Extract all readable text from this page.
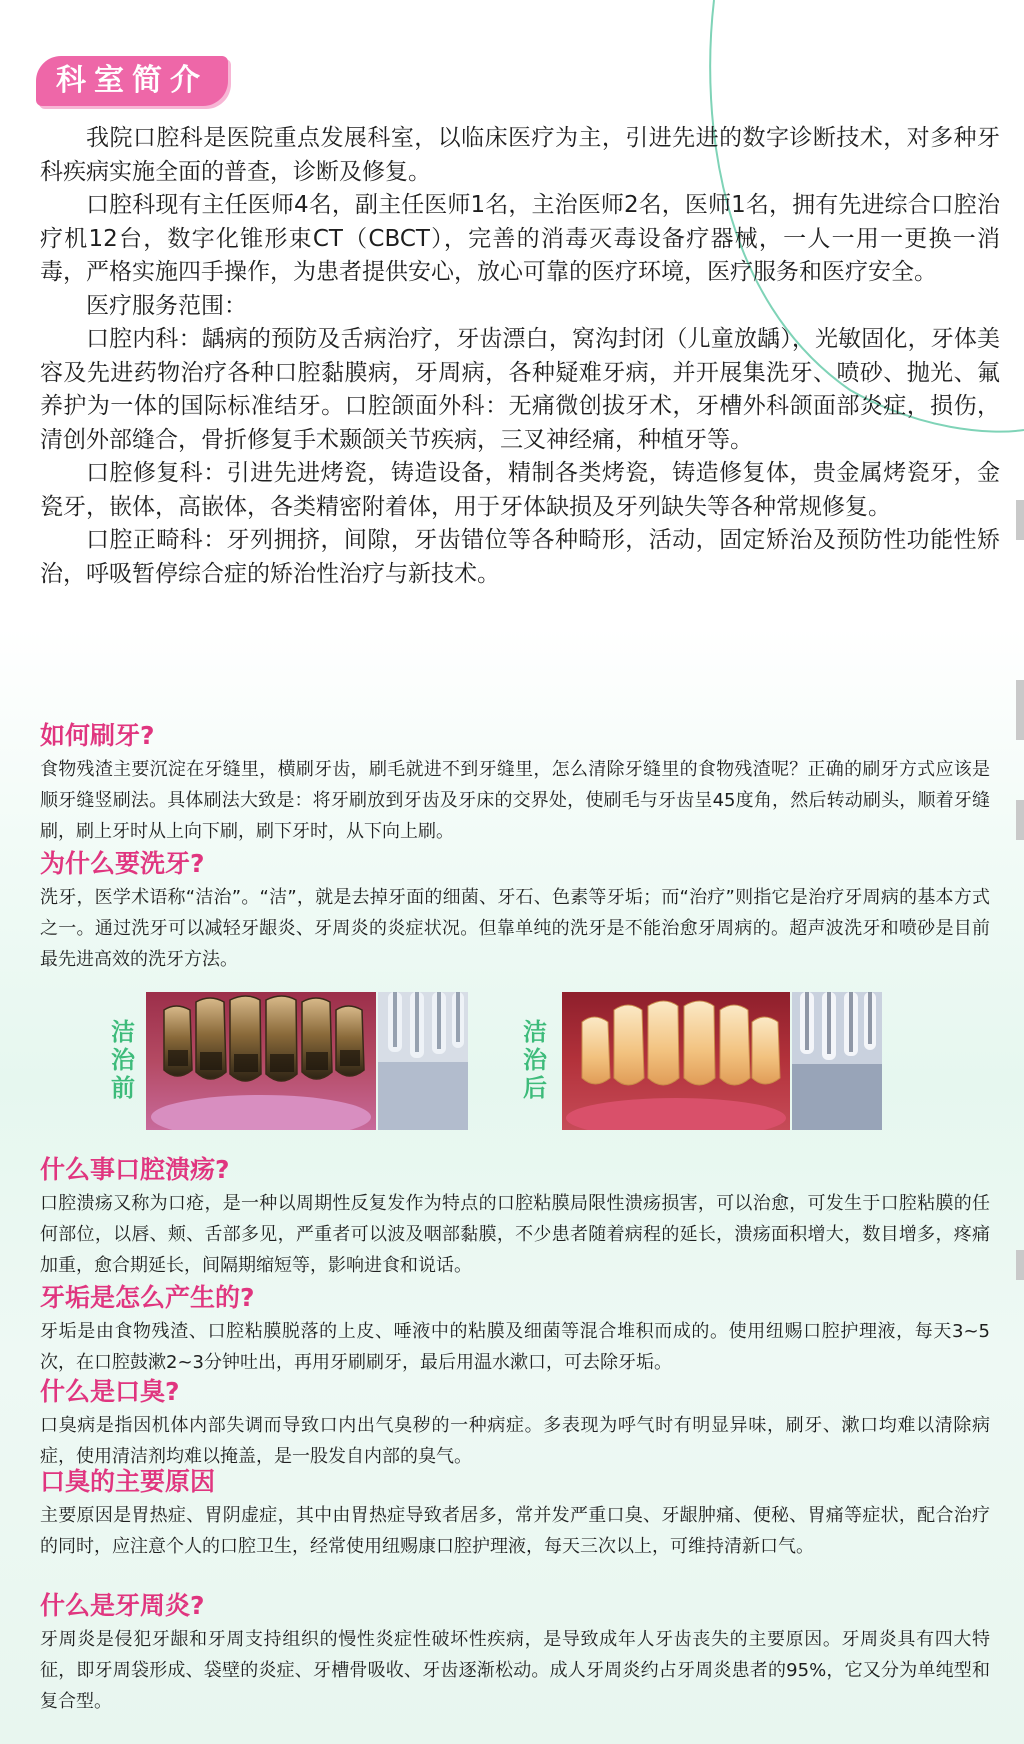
科室简介

我院口腔科是医院重点发展科室，以临床医疗为主，引进先进的数字诊断技术，对多种牙科疾病实施全面的普查，诊断及修复。

口腔科现有主任医师4名，副主任医师1名，主治医师2名，医师1名，拥有先进综合口腔治疗机12台，数字化锥形束CT（CBCT），完善的消毒灭毒设备疗器械，一人一用一更换一消毒，严格实施四手操作，为患者提供安心，放心可靠的医疗环境，医疗服务和医疗安全。

医疗服务范围：

口腔内科：龋病的预防及舌病治疗，牙齿漂白，窝沟封闭（儿童放龋），光敏固化，牙体美容及先进药物治疗各种口腔黏膜病，牙周病，各种疑难牙病，并开展集洗牙、喷砂、抛光、氟养护为一体的国际标准结牙。口腔颌面外科：无痛微创拔牙术，牙槽外科颌面部炎症，损伤，清创外部缝合，骨折修复手术颞颌关节疾病，三叉神经痛，种植牙等。

口腔修复科：引进先进烤瓷，铸造设备，精制各类烤瓷，铸造修复体，贵金属烤瓷牙，金瓷牙，嵌体，高嵌体，各类精密附着体，用于牙体缺损及牙列缺失等各种常规修复。

口腔正畸科：牙列拥挤，间隙，牙齿错位等各种畸形，活动，固定矫治及预防性功能性矫治，呼吸暂停综合症的矫治性治疗与新技术。

如何刷牙?

食物残渣主要沉淀在牙缝里，横刷牙齿，刷毛就进不到牙缝里，怎么清除牙缝里的食物残渣呢？正确的刷牙方式应该是顺牙缝竖刷法。具体刷法大致是：将牙刷放到牙齿及牙床的交界处，使刷毛与牙齿呈45度角，然后转动刷头，顺着牙缝刷，刷上牙时从上向下刷，刷下牙时，从下向上刷。

为什么要洗牙?

洗牙，医学术语称“洁治”。“洁”，就是去掉牙面的细菌、牙石、色素等牙垢；而“治疗”则指它是治疗牙周病的基本方式之一。通过洗牙可以减轻牙龈炎、牙周炎的炎症状况。但靠单纯的洗牙是不能治愈牙周病的。超声波洗牙和喷砂是目前最先进高效的洗牙方法。

洁治前
洁治后
什么事口腔溃疡?

口腔溃疡又称为口疮，是一种以周期性反复发作为特点的口腔粘膜局限性溃疡损害，可以治愈，可发生于口腔粘膜的任何部位，以唇、颊、舌部多见，严重者可以波及咽部黏膜，不少患者随着病程的延长，溃疡面积增大，数目增多，疼痛加重，愈合期延长，间隔期缩短等，影响进食和说话。

牙垢是怎么产生的?

牙垢是由食物残渣、口腔粘膜脱落的上皮、唾液中的粘膜及细菌等混合堆积而成的。使用纽赐口腔护理液，每天3~5次，在口腔鼓漱2~3分钟吐出，再用牙刷刷牙，最后用温水漱口，可去除牙垢。

什么是口臭?

口臭病是指因机体内部失调而导致口内出气臭秽的一种病症。多表现为呼气时有明显异味，刷牙、漱口均难以清除病症，使用清洁剂均难以掩盖，是一股发自内部的臭气。

口臭的主要原因

主要原因是胃热症、胃阴虚症，其中由胃热症导致者居多，常并发严重口臭、牙龈肿痛、便秘、胃痛等症状，配合治疗的同时，应注意个人的口腔卫生，经常使用纽赐康口腔护理液，每天三次以上，可维持清新口气。

什么是牙周炎?

牙周炎是侵犯牙龈和牙周支持组织的慢性炎症性破坏性疾病，是导致成年人牙齿丧失的主要原因。牙周炎具有四大特征，即牙周袋形成、袋壁的炎症、牙槽骨吸收、牙齿逐渐松动。成人牙周炎约占牙周炎患者的95%，它又分为单纯型和复合型。
